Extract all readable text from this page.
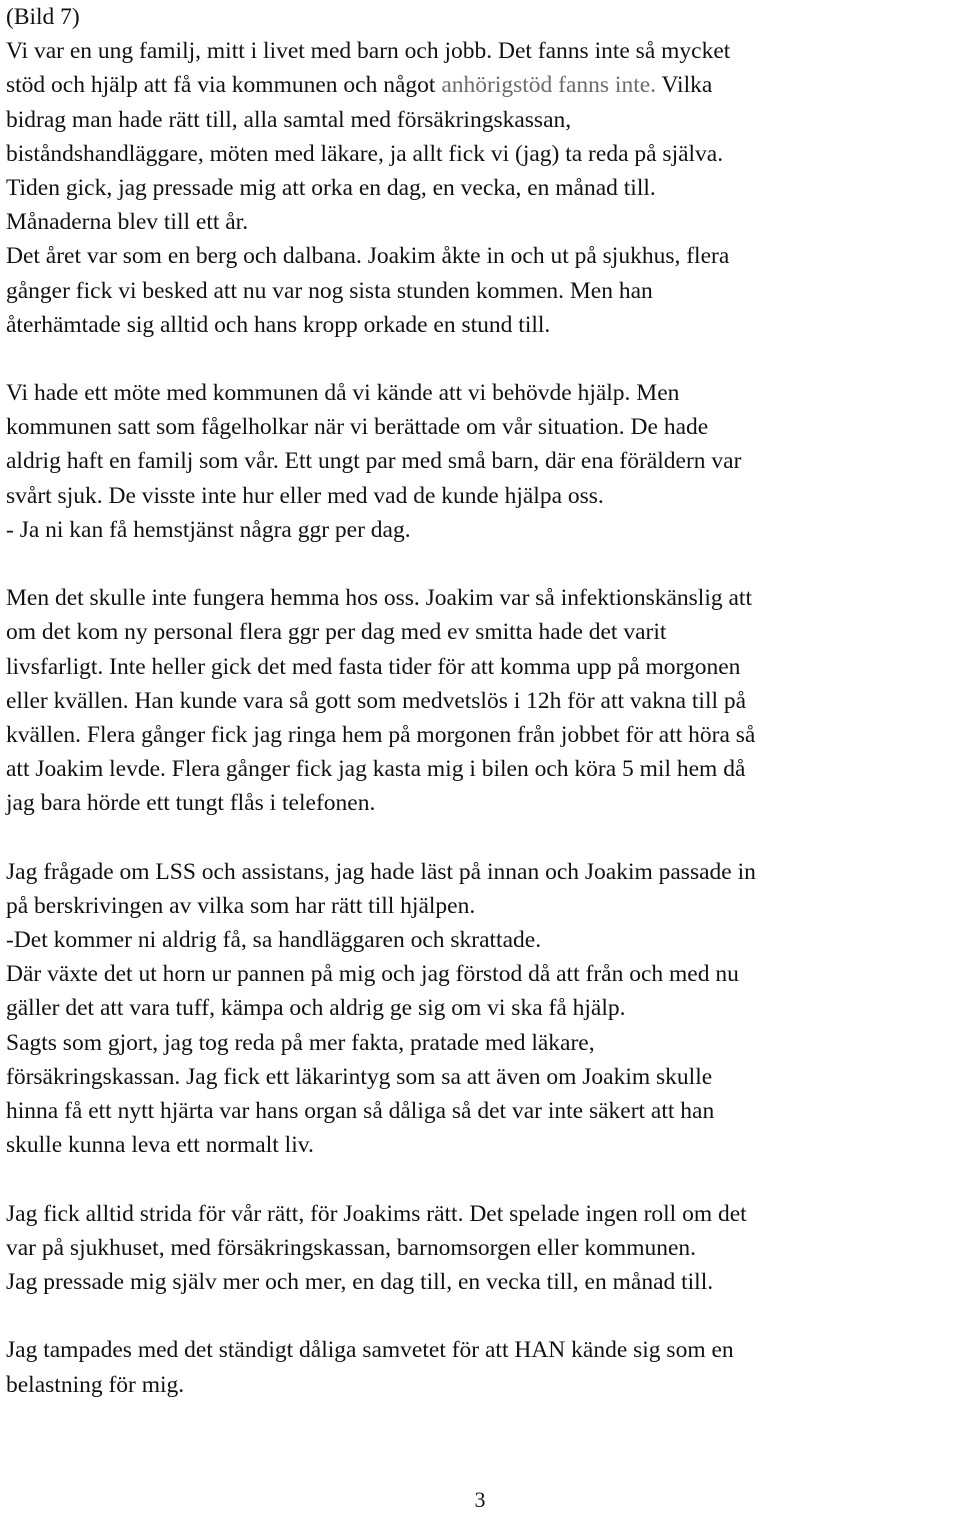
(Bild 7)
Vi var en ung familj, mitt i livet med barn och jobb. Det fanns inte så mycket
stöd och hjälp att få via kommunen och något anhörigstöd fanns inte. Vilka
bidrag man hade rätt till, alla samtal med försäkringskassan,
biståndshandläggare, möten med läkare, ja allt fick vi (jag) ta reda på själva.
Tiden gick, jag pressade mig att orka en dag, en vecka, en månad till.
Månaderna blev till ett år.
Det året var som en berg och dalbana. Joakim åkte in och ut på sjukhus, flera
gånger fick vi besked att nu var nog sista stunden kommen. Men han
återhämtade sig alltid och hans kropp orkade en stund till.
Vi hade ett möte med kommunen då vi kände att vi behövde hjälp. Men
kommunen satt som fågelholkar när vi berättade om vår situation. De hade
aldrig haft en familj som vår. Ett ungt par med små barn, där ena föräldern var
svårt sjuk. De visste inte hur eller med vad de kunde hjälpa oss.
- Ja ni kan få hemstjänst några ggr per dag.
Men det skulle inte fungera hemma hos oss. Joakim var så infektionskänslig att
om det kom ny personal flera ggr per dag med ev smitta hade det varit
livsfarligt. Inte heller gick det med fasta tider för att komma upp på morgonen
eller kvällen. Han kunde vara så gott som medvetslös i 12h för att vakna till på
kvällen. Flera gånger fick jag ringa hem på morgonen från jobbet för att höra så
att Joakim levde. Flera gånger fick jag kasta mig i bilen och köra 5 mil hem då
jag bara hörde ett tungt flås i telefonen.
Jag frågade om LSS och assistans, jag hade läst på innan och Joakim passade in
på berskrivingen av vilka som har rätt till hjälpen.
-Det kommer ni aldrig få, sa handläggaren och skrattade.
Där växte det ut horn ur pannen på mig och jag förstod då att från och med nu
gäller det att vara tuff, kämpa och aldrig ge sig om vi ska få hjälp.
Sagts som gjort, jag tog reda på mer fakta, pratade med läkare,
försäkringskassan. Jag fick ett läkarintyg som sa att även om Joakim skulle
hinna få ett nytt hjärta var hans organ så dåliga så det var inte säkert att han
skulle kunna leva ett normalt liv.
Jag fick alltid strida för vår rätt, för Joakims rätt. Det spelade ingen roll om det
var på sjukhuset, med försäkringskassan, barnomsorgen eller kommunen.
Jag pressade mig själv mer och mer, en dag till, en vecka till, en månad till.
Jag tampades med det ständigt dåliga samvetet för att HAN kände sig som en
belastning för mig.
3
